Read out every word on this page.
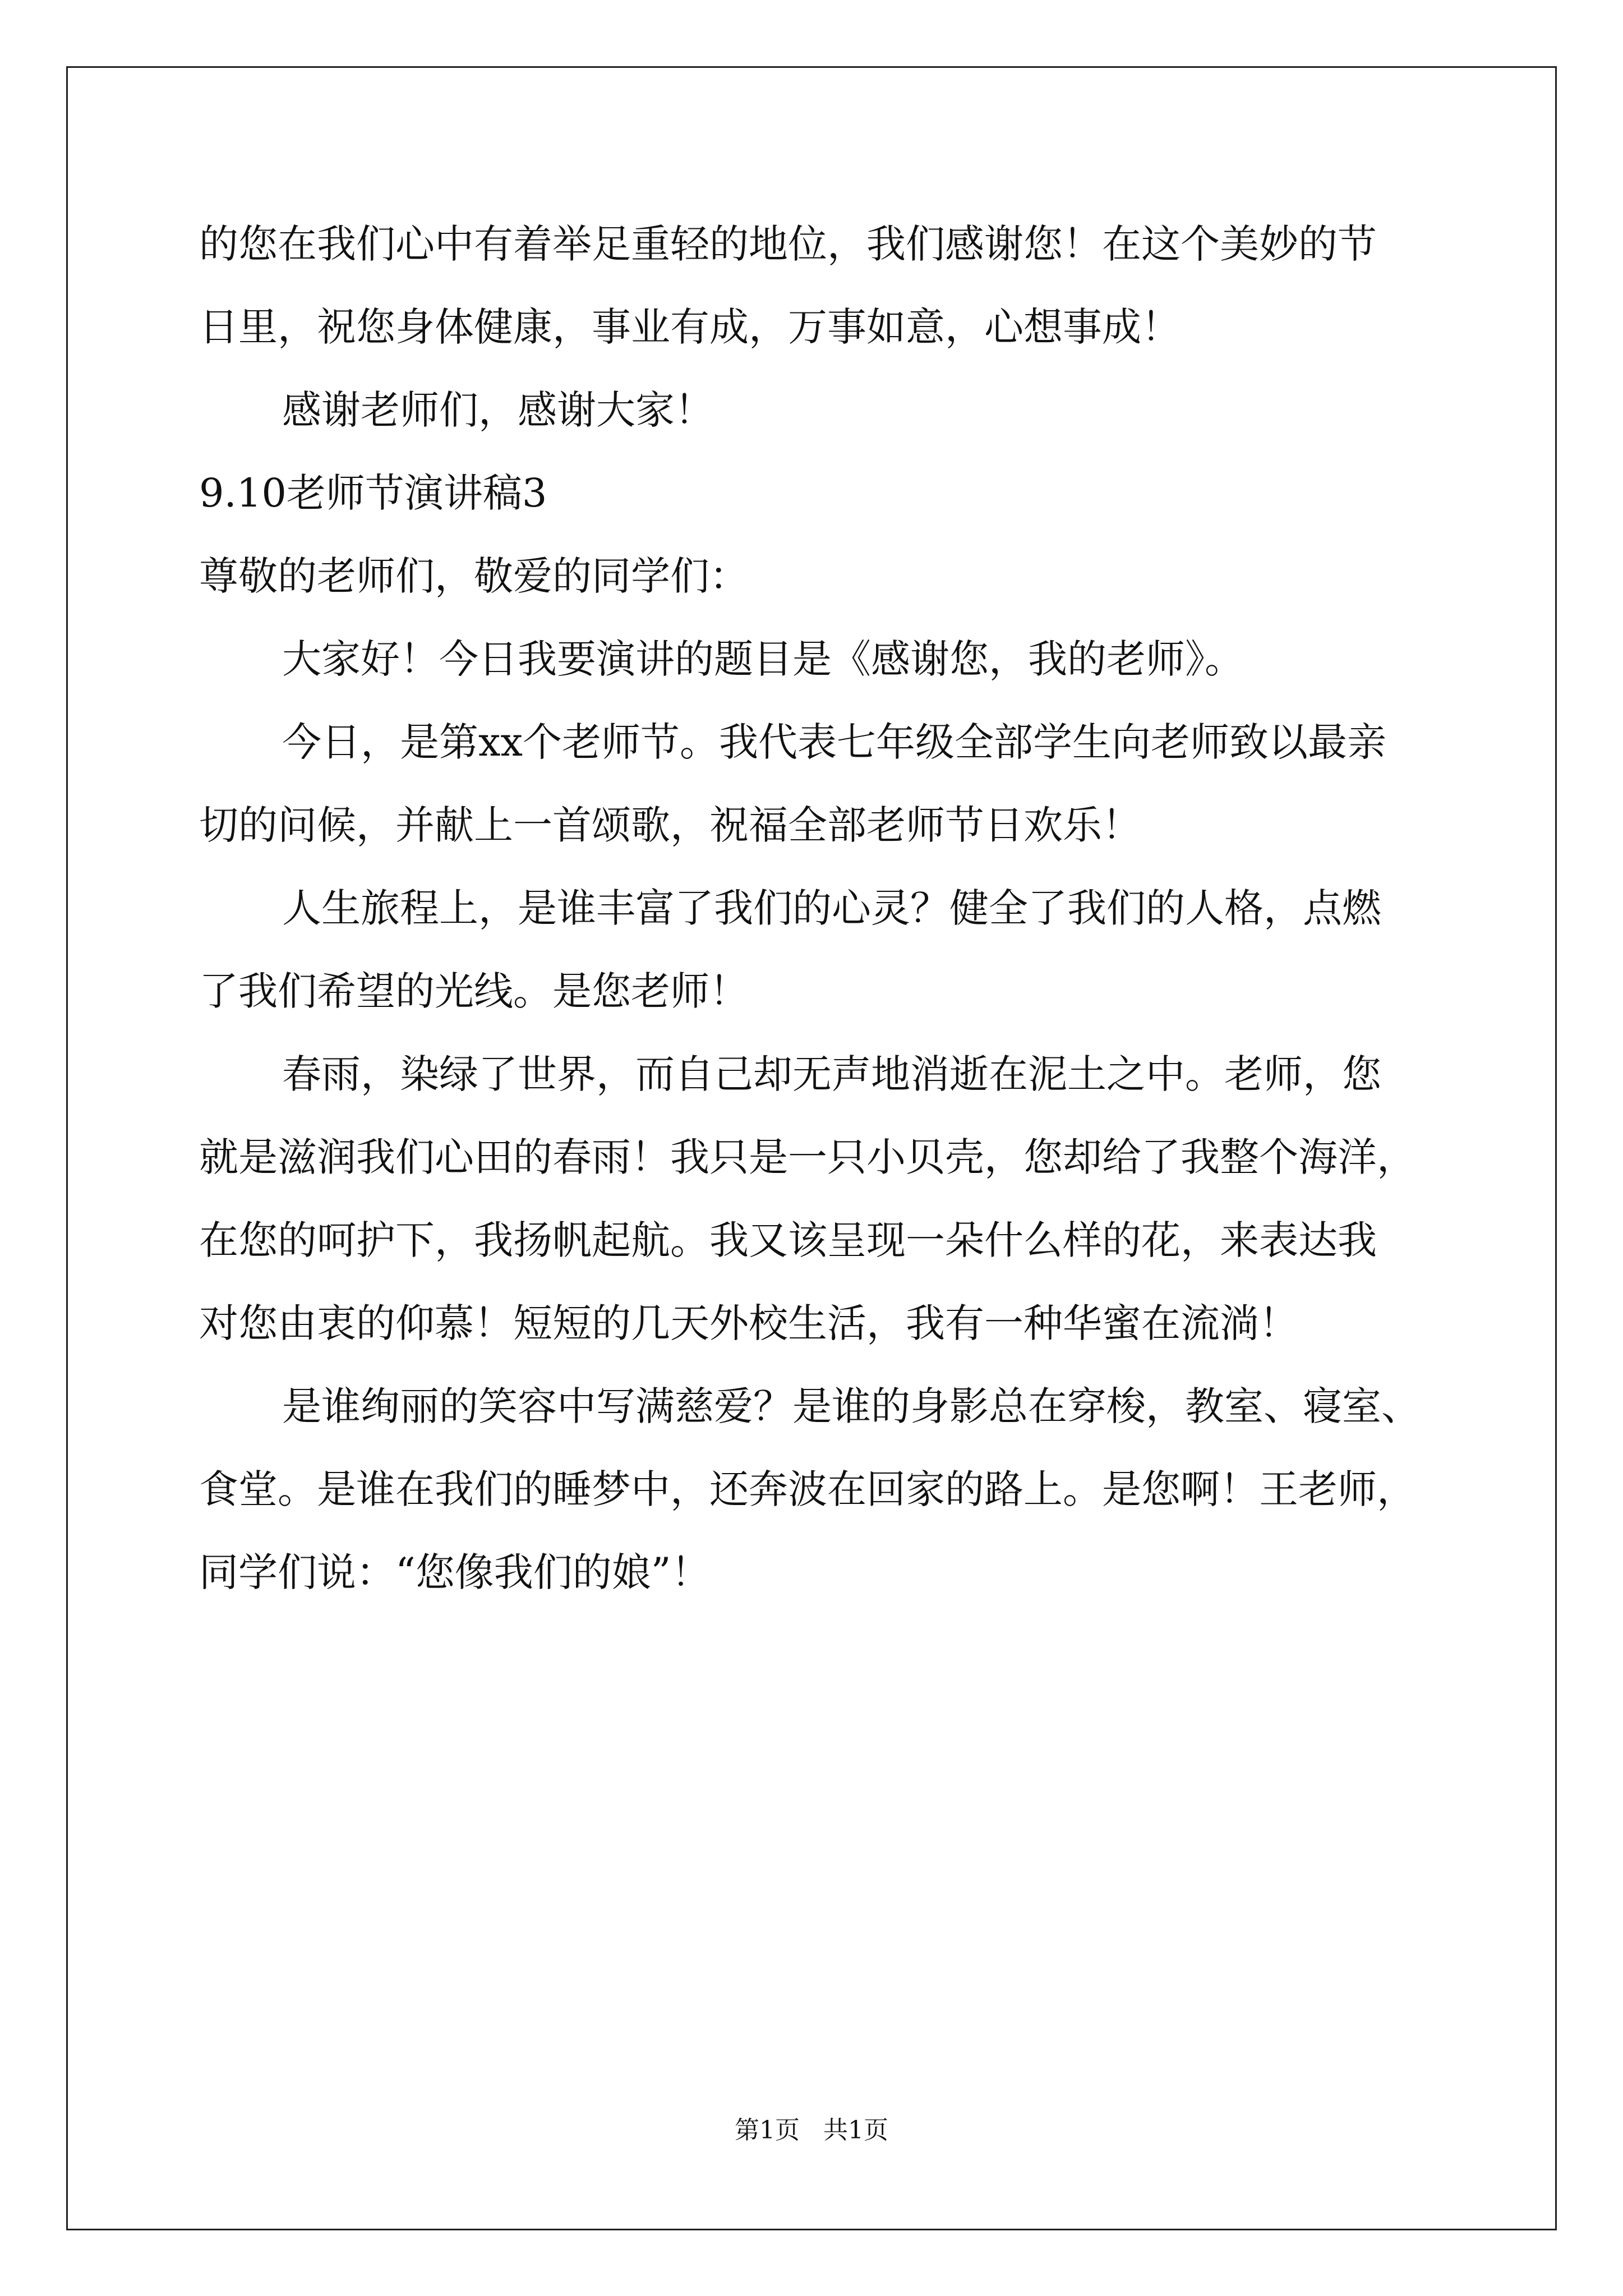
的您在我们心中有着举足重轻的地位，我们感谢您！在这个美妙的节
日里，祝您身体健康，事业有成，万事如意，心想事成！
感谢老师们，感谢大家！
9.10老师节演讲稿3
尊敬的老师们，敬爱的同学们：
大家好！今日我要演讲的题目是《感谢您，我的老师》。
今日，是第xx个老师节。我代表七年级全部学生向老师致以最亲
切的问候，并献上一首颂歌，祝福全部老师节日欢乐！
人生旅程上，是谁丰富了我们的心灵？健全了我们的人格，点燃
了我们希望的光线。是您老师！
春雨，染绿了世界，而自己却无声地消逝在泥土之中。老师，您
就是滋润我们心田的春雨！我只是一只小贝壳，您却给了我整个海洋，
在您的呵护下，我扬帆起航。我又该呈现一朵什么样的花，来表达我
对您由衷的仰慕！短短的几天外校生活，我有一种华蜜在流淌！
是谁绚丽的笑容中写满慈爱？是谁的身影总在穿梭，教室、寝室、
食堂。是谁在我们的睡梦中，还奔波在回家的路上。是您啊！王老师，
同学们说：“您像我们的娘”！
第1页   共1页
